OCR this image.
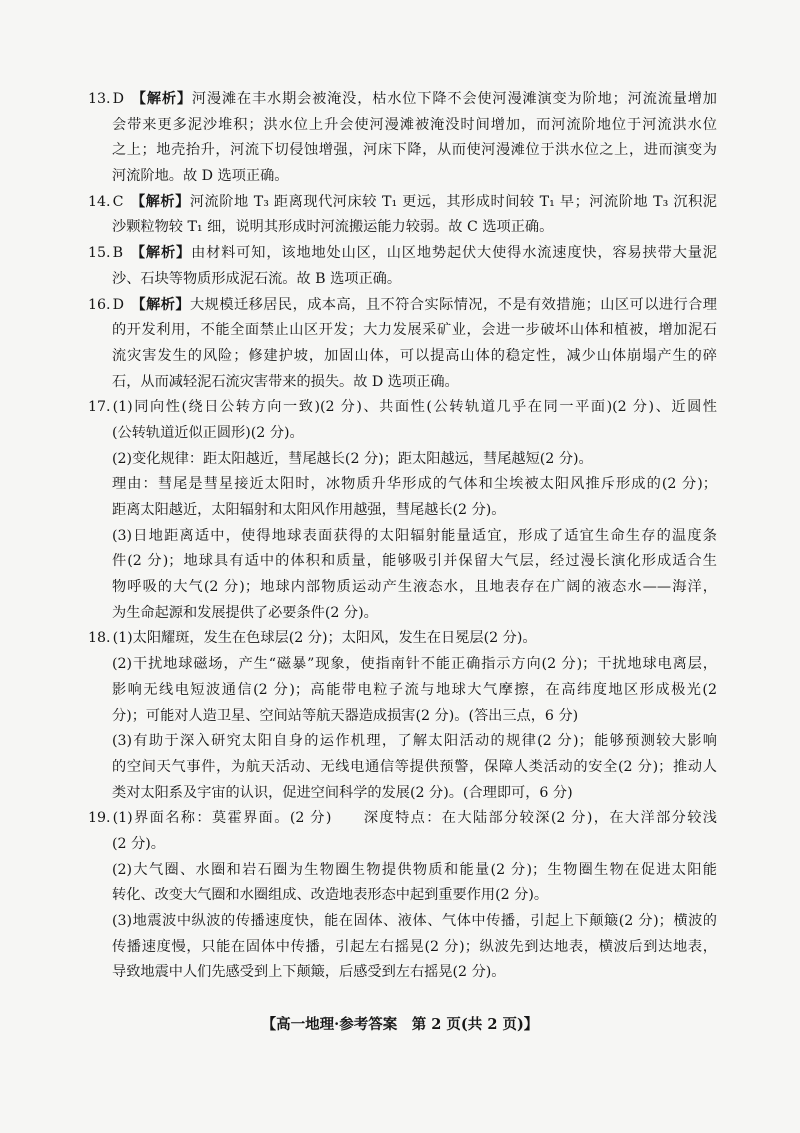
13. D 【解析】河漫滩在丰水期会被淹没，枯水位下降不会使河漫滩演变为阶地；河流流量增加
会带来更多泥沙堆积；洪水位上升会使河漫滩被淹没时间增加，而河流阶地位于河流洪水位
之上；地壳抬升，河流下切侵蚀增强，河床下降，从而使河漫滩位于洪水位之上，进而演变为
河流阶地。故 D 选项正确。
14. C 【解析】河流阶地 T₃ 距离现代河床较 T₁ 更远，其形成时间较 T₁ 早；河流阶地 T₃ 沉积泥
沙颗粒物较 T₁ 细，说明其形成时河流搬运能力较弱。故 C 选项正确。
15. B 【解析】由材料可知，该地地处山区，山区地势起伏大使得水流速度快，容易挟带大量泥
沙、石块等物质形成泥石流。故 B 选项正确。
16. D 【解析】大规模迁移居民，成本高，且不符合实际情况，不是有效措施；山区可以进行合理
的开发利用，不能全面禁止山区开发；大力发展采矿业，会进一步破坏山体和植被，增加泥石
流灾害发生的风险；修建护坡，加固山体，可以提高山体的稳定性，减少山体崩塌产生的碎
石，从而减轻泥石流灾害带来的损失。故 D 选项正确。
17. (1)同向性(绕日公转方向一致)(2 分)、共面性(公转轨道几乎在同一平面)(2 分)、近圆性
(公转轨道近似正圆形)(2 分)。
(2)变化规律：距太阳越近，彗尾越长(2 分)；距太阳越远，彗尾越短(2 分)。
理由：彗尾是彗星接近太阳时，冰物质升华形成的气体和尘埃被太阳风推斥形成的(2 分)；
距离太阳越近，太阳辐射和太阳风作用越强，彗尾越长(2 分)。
(3)日地距离适中，使得地球表面获得的太阳辐射能量适宜，形成了适宜生命生存的温度条
件(2 分)；地球具有适中的体积和质量，能够吸引并保留大气层，经过漫长演化形成适合生
物呼吸的大气(2 分)；地球内部物质运动产生液态水，且地表存在广阔的液态水——海洋，
为生命起源和发展提供了必要条件(2 分)。
18. (1)太阳耀斑，发生在色球层(2 分)；太阳风，发生在日冕层(2 分)。
(2)干扰地球磁场，产生“磁暴”现象，使指南针不能正确指示方向(2 分)；干扰地球电离层，
影响无线电短波通信(2 分)；高能带电粒子流与地球大气摩擦，在高纬度地区形成极光(2
分)；可能对人造卫星、空间站等航天器造成损害(2 分)。(答出三点，6 分)
(3)有助于深入研究太阳自身的运作机理，了解太阳活动的规律(2 分)；能够预测较大影响
的空间天气事件，为航天活动、无线电通信等提供预警，保障人类活动的安全(2 分)；推动人
类对太阳系及宇宙的认识，促进空间科学的发展(2 分)。(合理即可，6 分)
19. (1)界面名称：莫霍界面。(2 分)　　深度特点：在大陆部分较深(2 分)，在大洋部分较浅
(2 分)。
(2)大气圈、水圈和岩石圈为生物圈生物提供物质和能量(2 分)；生物圈生物在促进太阳能
转化、改变大气圈和水圈组成、改造地表形态中起到重要作用(2 分)。
(3)地震波中纵波的传播速度快，能在固体、液体、气体中传播，引起上下颠簸(2 分)；横波的
传播速度慢，只能在固体中传播，引起左右摇晃(2 分)；纵波先到达地表，横波后到达地表，
导致地震中人们先感受到上下颠簸，后感受到左右摇晃(2 分)。
【高一地理·参考答案　第 2 页(共 2 页)】
